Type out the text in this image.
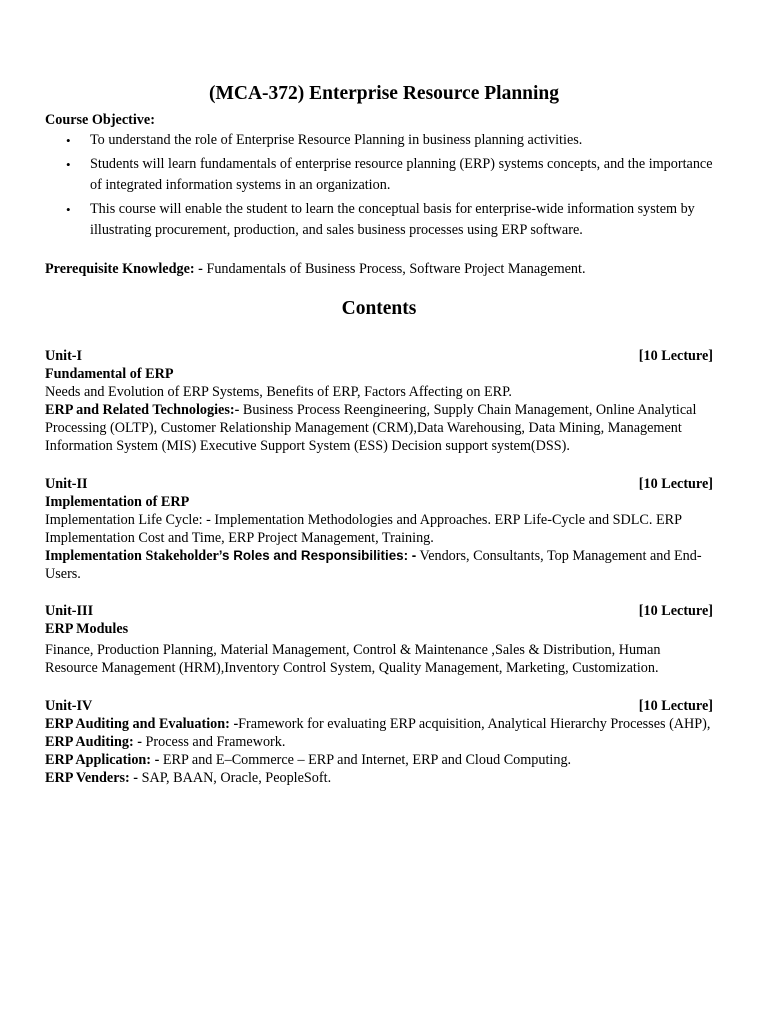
(MCA-372) Enterprise Resource Planning
Course Objective:
• To understand the role of Enterprise Resource Planning in business planning activities.
• Students will learn fundamentals of enterprise resource planning (ERP) systems concepts, and the importance of integrated information systems in an organization.
• This course will enable the student to learn the conceptual basis for enterprise-wide information system by illustrating procurement, production, and sales business processes using ERP software.
Prerequisite Knowledge: - Fundamentals of Business Process, Software Project Management.
Contents
Unit-I	[10 Lecture]

Fundamental of ERP

Needs and Evolution of ERP Systems, Benefits of ERP, Factors Affecting on ERP.

ERP and Related Technologies:- Business Process Reengineering, Supply Chain Management, Online Analytical Processing (OLTP), Customer Relationship Management (CRM),Data Warehousing, Data Mining, Management Information System (MIS) Executive Support System (ESS) Decision support system(DSS).

Unit-II	[10 Lecture]

Implementation of ERP

Implementation Life Cycle: - Implementation Methodologies and Approaches. ERP Life-Cycle and SDLC. ERP Implementation Cost and Time, ERP Project Management, Training.

Implementation Stakeholder’s Roles and Responsibilities: - Vendors, Consultants, Top Management and End-Users.

Unit-III	[10 Lecture]

ERP Modules

Finance, Production Planning, Material Management, Control & Maintenance ,Sales & Distribution, Human Resource Management (HRM),Inventory Control System, Quality Management, Marketing, Customization.

Unit-IV	[10 Lecture]

ERP Auditing and Evaluation: -Framework for evaluating ERP acquisition, Analytical Hierarchy Processes (AHP),

ERP Auditing: - Process and Framework.

ERP Application: - ERP and E–Commerce – ERP and Internet, ERP and Cloud Computing.

ERP Venders: - SAP, BAAN, Oracle, PeopleSoft.
